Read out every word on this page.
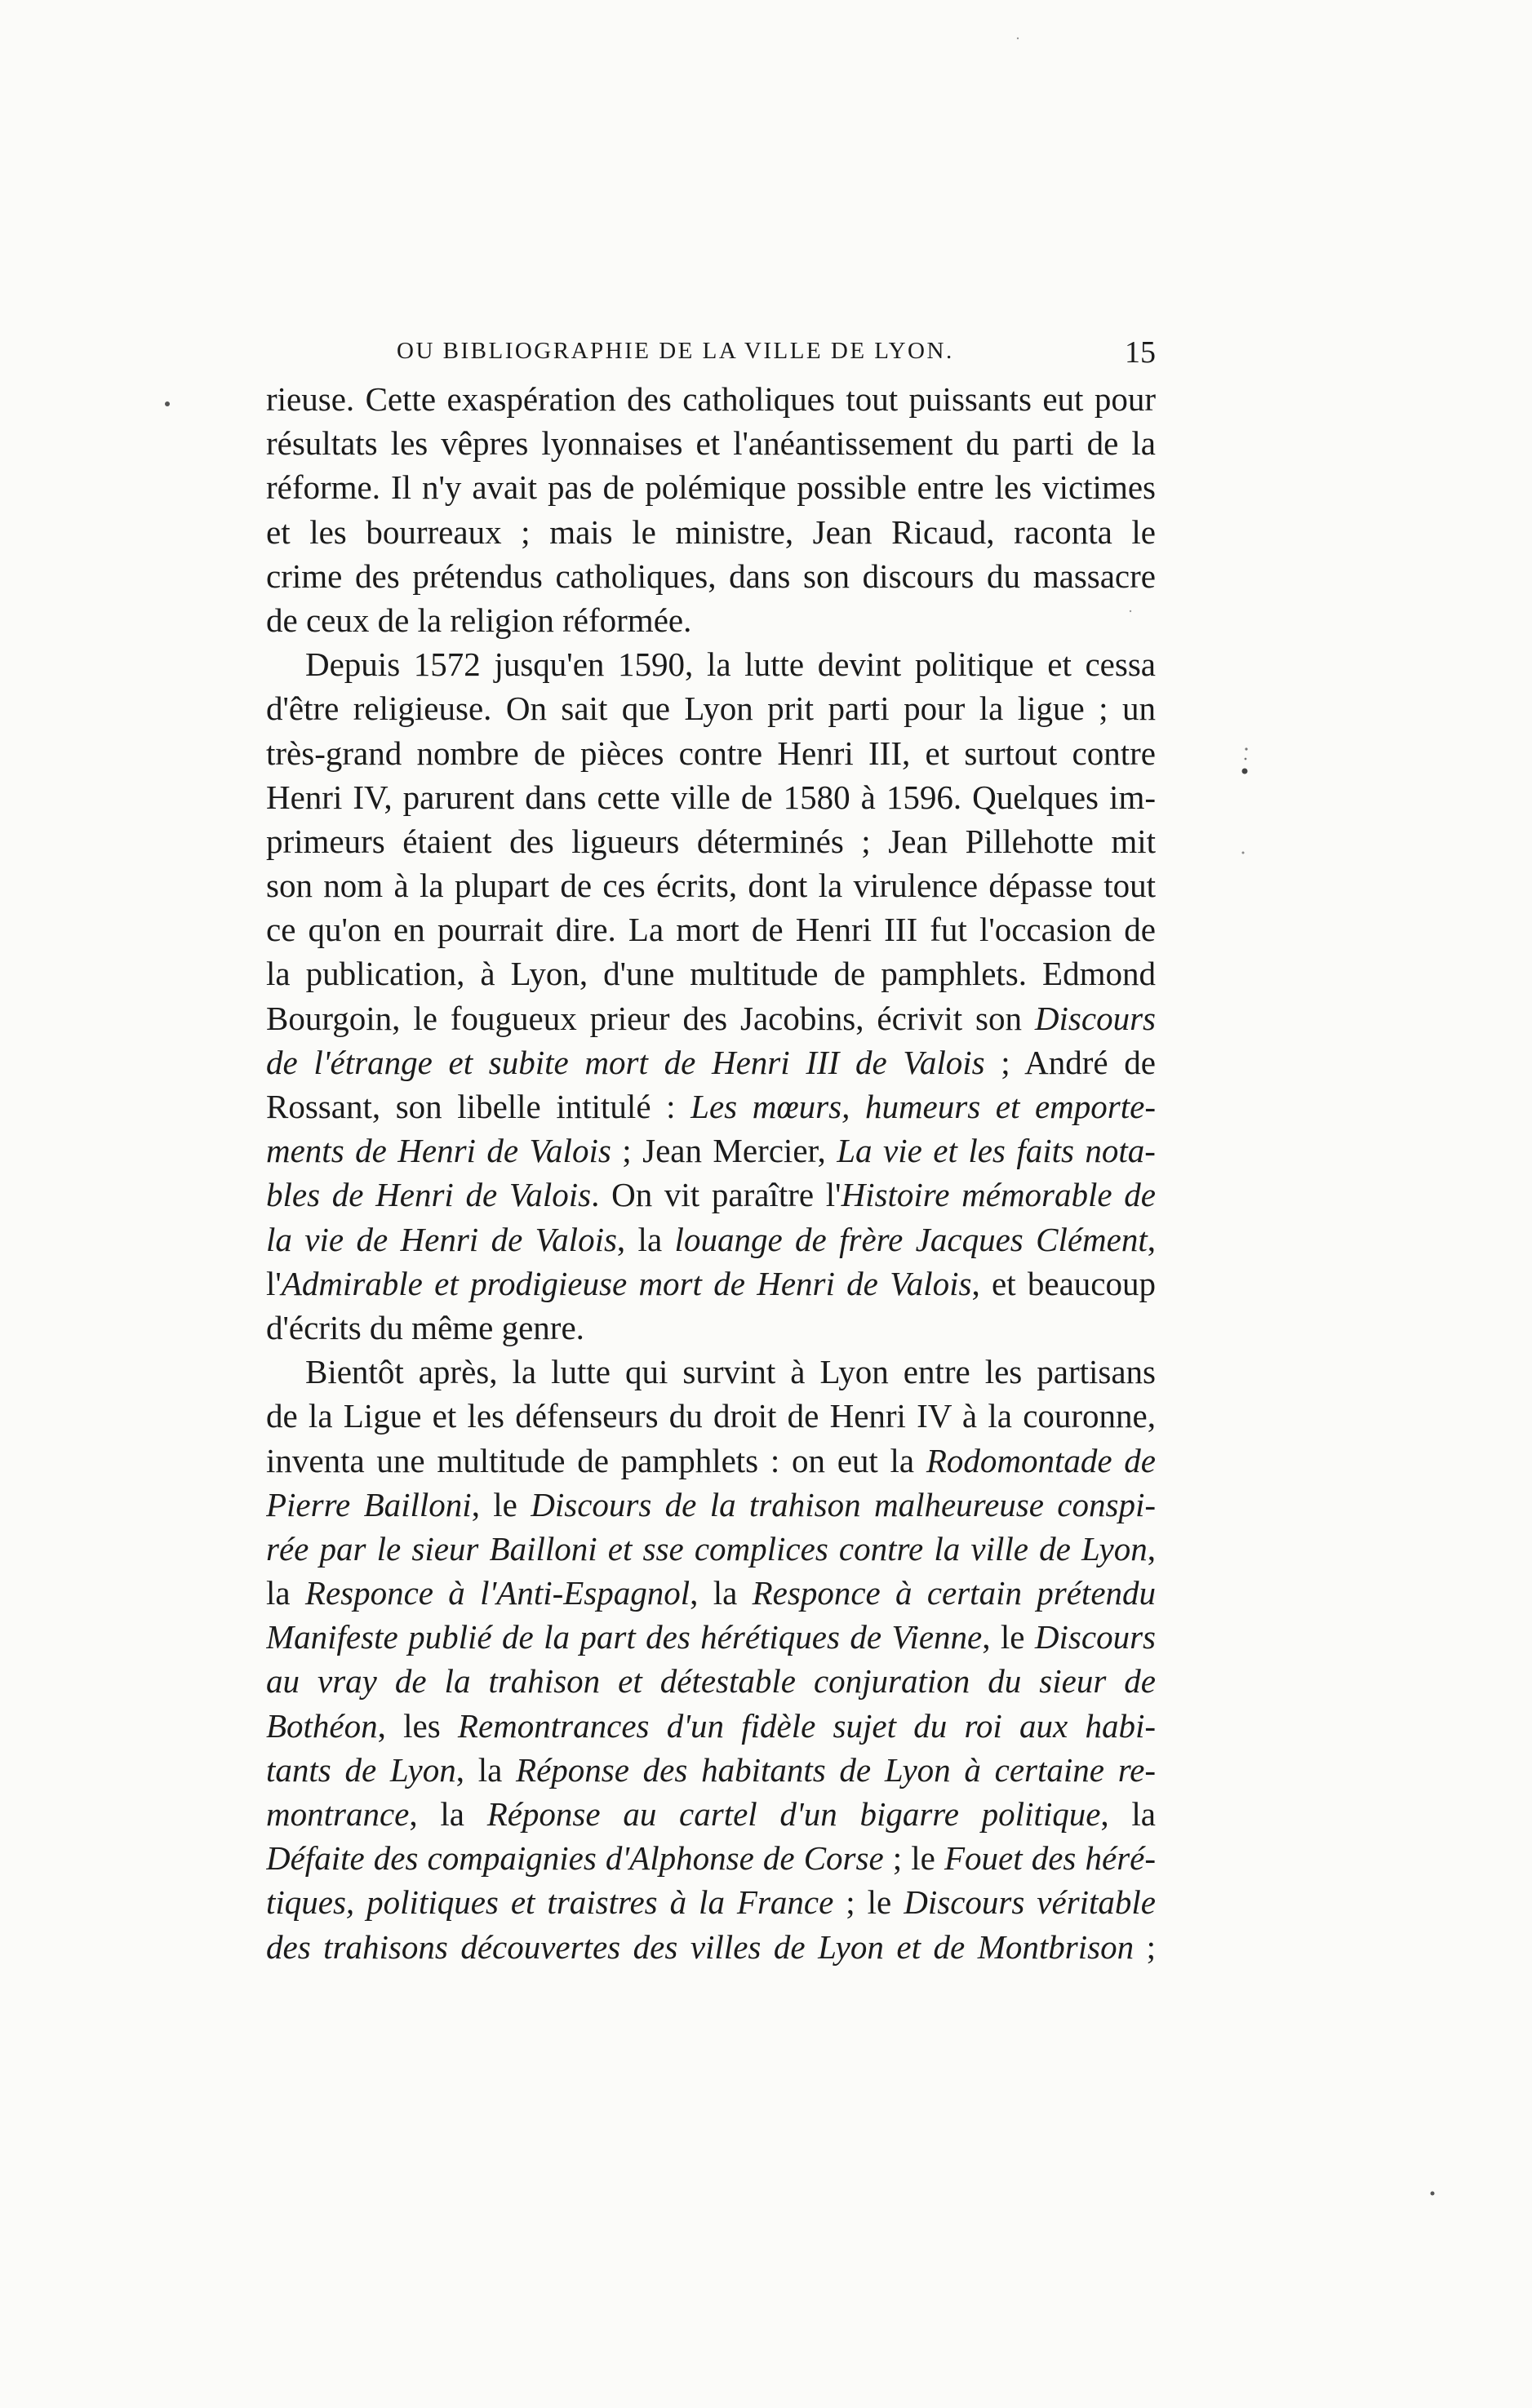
OU BIBLIOGRAPHIE DE LA VILLE DE LYON.	15
rieuse. Cette exaspération des catholiques tout puissants eut pour
résultats les vêpres lyonnaises et l'anéantissement du parti de la
réforme. Il n'y avait pas de polémique possible entre les victimes
et les bourreaux ; mais le ministre, Jean Ricaud, raconta le
crime des prétendus catholiques, dans son discours du massacre
de ceux de la religion réformée.
Depuis 1572 jusqu'en 1590, la lutte devint politique et cessa
d'être religieuse. On sait que Lyon prit parti pour la ligue ; un
très-grand nombre de pièces contre Henri III, et surtout contre
Henri IV, parurent dans cette ville de 1580 à 1596. Quelques im-
primeurs étaient des ligueurs déterminés ; Jean Pillehotte mit
son nom à la plupart de ces écrits, dont la virulence dépasse tout
ce qu'on en pourrait dire. La mort de Henri III fut l'occasion de
la publication, à Lyon, d'une multitude de pamphlets. Edmond
Bourgoin, le fougueux prieur des Jacobins, écrivit son Discours
de l'étrange et subite mort de Henri III de Valois ; André de
Rossant, son libelle intitulé : Les mœurs, humeurs et emporte-
ments de Henri de Valois ; Jean Mercier, La vie et les faits nota-
bles de Henri de Valois. On vit paraître l'Histoire mémorable de
la vie de Henri de Valois, la louange de frère Jacques Clément,
l'Admirable et prodigieuse mort de Henri de Valois, et beaucoup
d'écrits du même genre.
Bientôt après, la lutte qui survint à Lyon entre les partisans
de la Ligue et les défenseurs du droit de Henri IV à la couronne,
inventa une multitude de pamphlets : on eut la Rodomontade de
Pierre Bailloni, le Discours de la trahison malheureuse conspi-
rée par le sieur Bailloni et sse complices contre la ville de Lyon,
la Responce à l'Anti-Espagnol, la Responce à certain prétendu
Manifeste publié de la part des hérétiques de Vienne, le Discours
au vray de la trahison et détestable conjuration du sieur de
Bothéon, les Remontrances d'un fidèle sujet du roi aux habi-
tants de Lyon, la Réponse des habitants de Lyon à certaine re-
montrance, la Réponse au cartel d'un bigarre politique, la
Défaite des compaignies d'Alphonse de Corse ; le Fouet des héré-
tiques, politiques et traistres à la France ; le Discours véritable
des trahisons découvertes des villes de Lyon et de Montbrison ;
